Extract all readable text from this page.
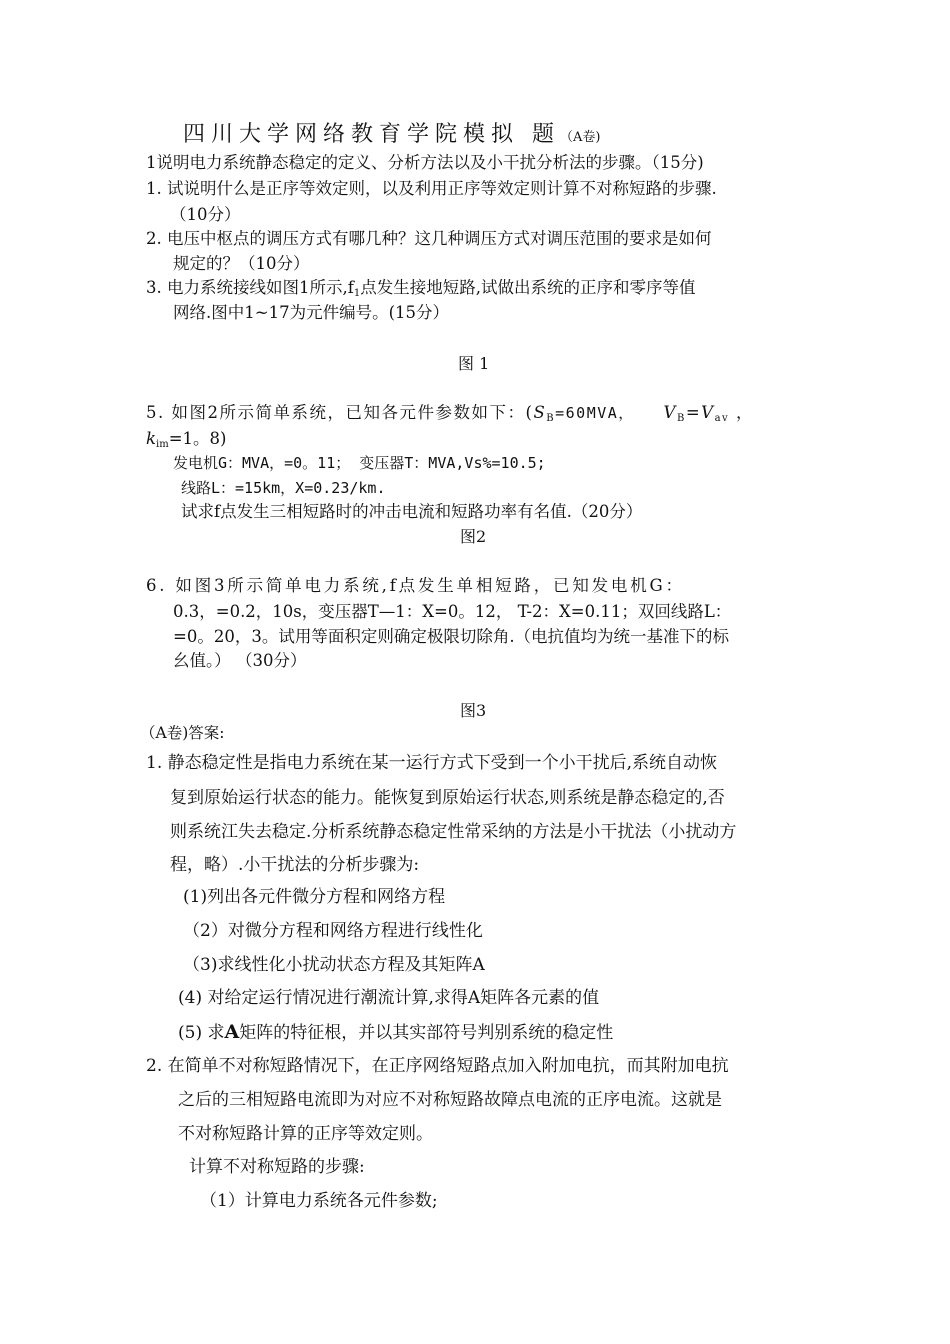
四川大学网络教育学院模拟 题（A卷)
1说明电力系统静态稳定的定义、分析方法以及小干扰分析法的步骤。（15分)
1. 试说明什么是正序等效定则，以及利用正序等效定则计算不对称短路的步骤.
（10分）
2. 电压中枢点的调压方式有哪几种？这几种调压方式对调压范围的要求是如何
规定的？（10分）
3. 电力系统接线如图1所示$,f_1$点发生接地短路,试做出系统的正序和零序等值
网络.图中1~17为元件编号。(15分）
图 1
5. 如图2所示简单系统，已知各元件参数如下：($S_B=60MVA$， $V_B=V_{av}$ ，
$k_{im}=1$。8)
发电机G：MVA，=0。11； 变压器T：MVA,Vs%=10.5;
线路L：=15km，X=0.23/km.
试求f点发生三相短路时的冲击电流和短路功率有名值.（20分）
图2
6. 如图3所示简单电力系统,f点发生单相短路，已知发电机G：
0.3，=0.2，10s，变压器T—1：X=0。12， T-2：X=0.11；双回线路L：
=0。20，3。试用等面积定则确定极限切除角.（电抗值均为统一基准下的标
幺值。） （30分）
图3
（A卷)答案:
1. 静态稳定性是指电力系统在某一运行方式下受到一个小干扰后,系统自动恢
复到原始运行状态的能力。能恢复到原始运行状态,则系统是静态稳定的,否
则系统江失去稳定.分析系统静态稳定性常采纳的方法是小干扰法（小扰动方
程，略）.小干扰法的分析步骤为:
(1)列出各元件微分方程和网络方程
（2）对微分方程和网络方程进行线性化
（3)求线性化小扰动状态方程及其矩阵A
(4) 对给定运行情况进行潮流计算,求得A矩阵各元素的值
(5) 求A矩阵的特征根，并以其实部符号判别系统的稳定性
2. 在简单不对称短路情况下，在正序网络短路点加入附加电抗，而其附加电抗
之后的三相短路电流即为对应不对称短路故障点电流的正序电流。这就是
不对称短路计算的正序等效定则。
计算不对称短路的步骤:
（1）计算电力系统各元件参数;
